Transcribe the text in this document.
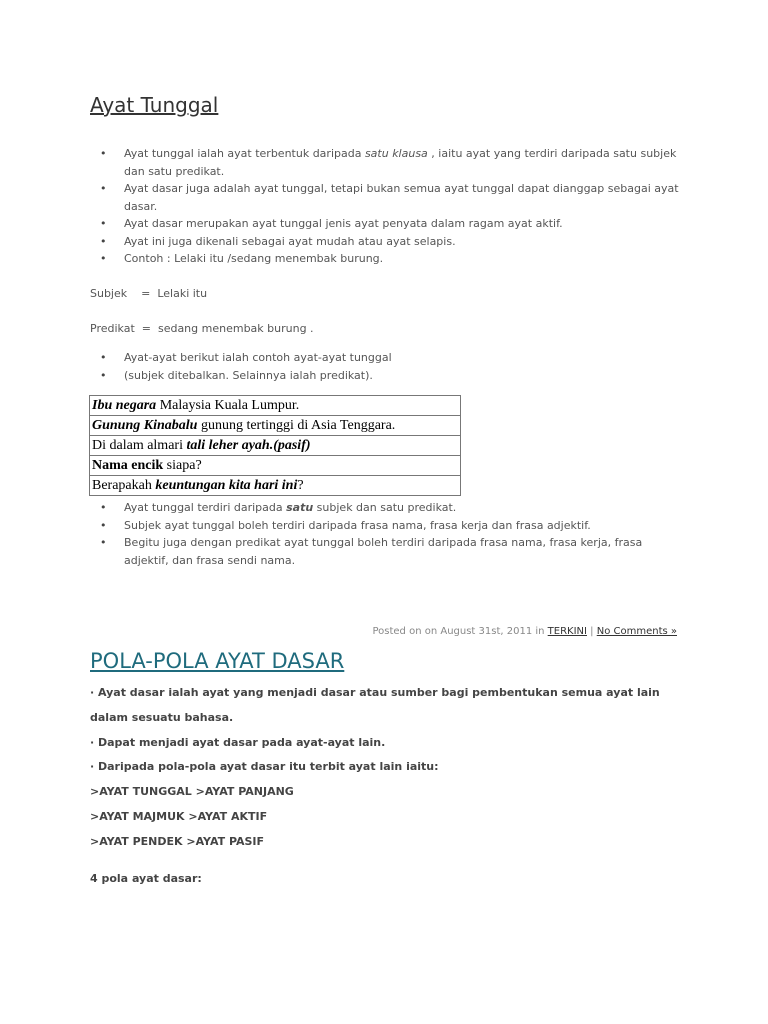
Ayat Tunggal
• Ayat tunggal ialah ayat terbentuk daripada satu klausa , iaitu ayat yang terdiri daripada satu subjek dan satu predikat.
• Ayat dasar juga adalah ayat tunggal, tetapi bukan semua ayat tunggal dapat dianggap sebagai ayat dasar.
• Ayat dasar merupakan ayat tunggal jenis ayat penyata dalam ragam ayat aktif.
• Ayat ini juga dikenali sebagai ayat mudah atau ayat selapis.
• Contoh : Lelaki itu /sedang menembak burung.
Subjek    =  Lelaki itu
Predikat  =  sedang menembak burung .
• Ayat-ayat berikut ialah contoh ayat-ayat tunggal
• (subjek ditebalkan. Selainnya ialah predikat).
Ibu negara Malaysia Kuala Lumpur.
Gunung Kinabalu gunung tertinggi di Asia Tenggara.
Di dalam almari tali leher ayah.(pasif)
Nama encik siapa?
Berapakah keuntungan kita hari ini?
• Ayat tunggal terdiri daripada satu subjek dan satu predikat.
• Subjek ayat tunggal boleh terdiri daripada frasa nama, frasa kerja dan frasa adjektif.
• Begitu juga dengan predikat ayat tunggal boleh terdiri daripada frasa nama, frasa kerja, frasa adjektif, dan frasa sendi nama.
Posted on on August 31st, 2011 in TERKINI | No Comments »
POLA-POLA AYAT DASAR
· Ayat dasar ialah ayat yang menjadi dasar atau sumber bagi pembentukan semua ayat lain
dalam sesuatu bahasa.
· Dapat menjadi ayat dasar pada ayat-ayat lain.
· Daripada pola-pola ayat dasar itu terbit ayat lain iaitu:
>AYAT TUNGGAL >AYAT PANJANG
>AYAT MAJMUK >AYAT AKTIF
>AYAT PENDEK >AYAT PASIF
4 pola ayat dasar:
